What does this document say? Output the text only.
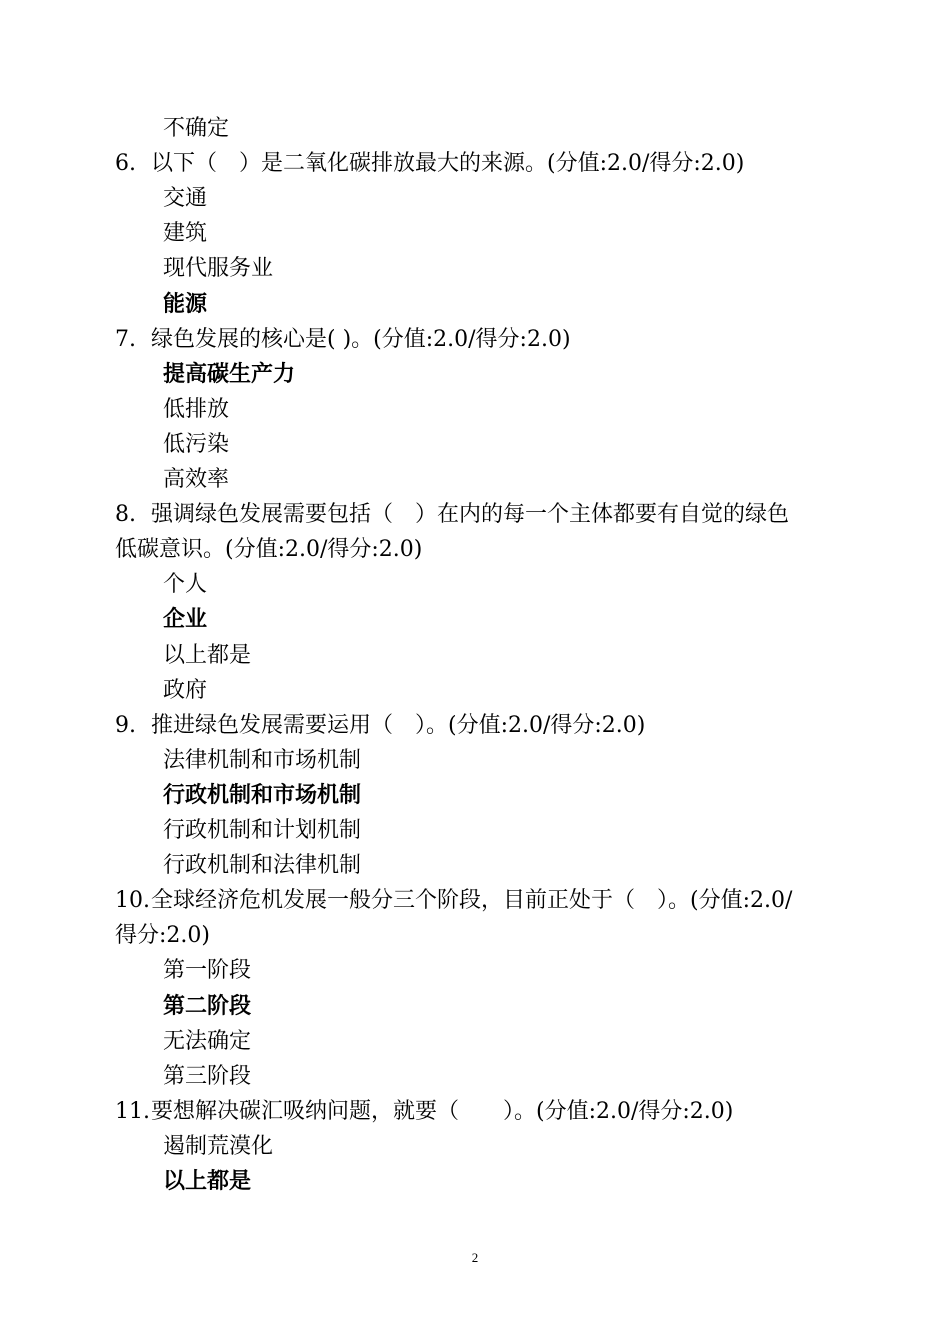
不确定
6. 以下（　）是二氧化碳排放最大的来源。(分值:2.0/得分:2.0)
交通
建筑
现代服务业
能源
7. 绿色发展的核心是( )。(分值:2.0/得分:2.0)
提高碳生产力
低排放
低污染
高效率
8. 强调绿色发展需要包括（　）在内的每一个主体都要有自觉的绿色
低碳意识。(分值:2.0/得分:2.0)
个人
企业
以上都是
政府
9. 推进绿色发展需要运用（　）。(分值:2.0/得分:2.0)
法律机制和市场机制
行政机制和市场机制
行政机制和计划机制
行政机制和法律机制
10.全球经济危机发展一般分三个阶段，目前正处于（　）。(分值:2.0/
得分:2.0)
第一阶段
第二阶段
无法确定
第三阶段
11.要想解决碳汇吸纳问题，就要（　　）。(分值:2.0/得分:2.0)
遏制荒漠化
以上都是
2
